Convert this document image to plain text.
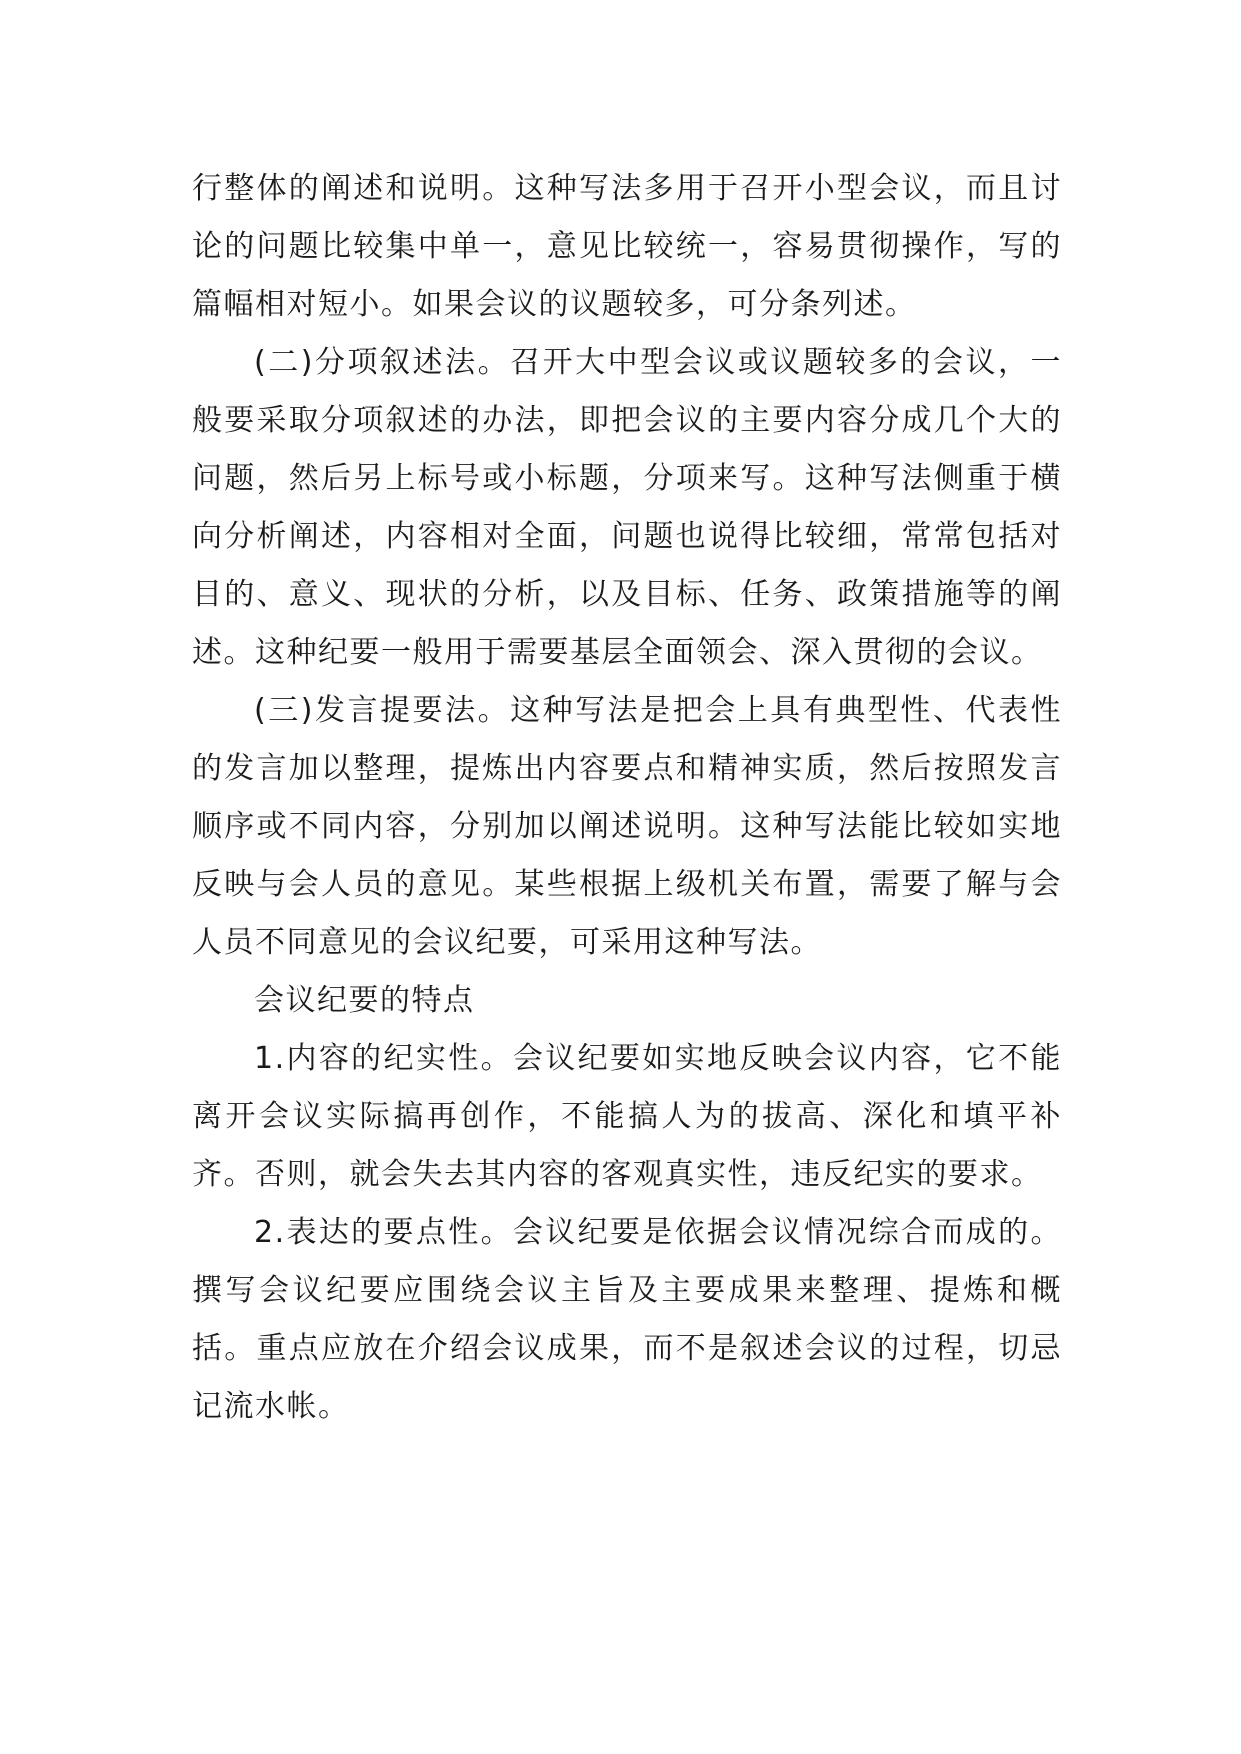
行整体的阐述和说明。这种写法多用于召开小型会议，而且讨论的问题比较集中单一，意见比较统一，容易贯彻操作，写的篇幅相对短小。如果会议的议题较多，可分条列述。

(二)分项叙述法。召开大中型会议或议题较多的会议，一般要采取分项叙述的办法，即把会议的主要内容分成几个大的问题，然后另上标号或小标题，分项来写。这种写法侧重于横向分析阐述，内容相对全面，问题也说得比较细，常常包括对目的、意义、现状的分析，以及目标、任务、政策措施等的阐述。这种纪要一般用于需要基层全面领会、深入贯彻的会议。

(三)发言提要法。这种写法是把会上具有典型性、代表性的发言加以整理，提炼出内容要点和精神实质，然后按照发言顺序或不同内容，分别加以阐述说明。这种写法能比较如实地反映与会人员的意见。某些根据上级机关布置，需要了解与会人员不同意见的会议纪要，可采用这种写法。

会议纪要的特点

1.内容的纪实性。会议纪要如实地反映会议内容，它不能离开会议实际搞再创作，不能搞人为的拔高、深化和填平补齐。否则，就会失去其内容的客观真实性，违反纪实的要求。

2.表达的要点性。会议纪要是依据会议情况综合而成的。撰写会议纪要应围绕会议主旨及主要成果来整理、提炼和概括。重点应放在介绍会议成果，而不是叙述会议的过程，切忌记流水帐。
